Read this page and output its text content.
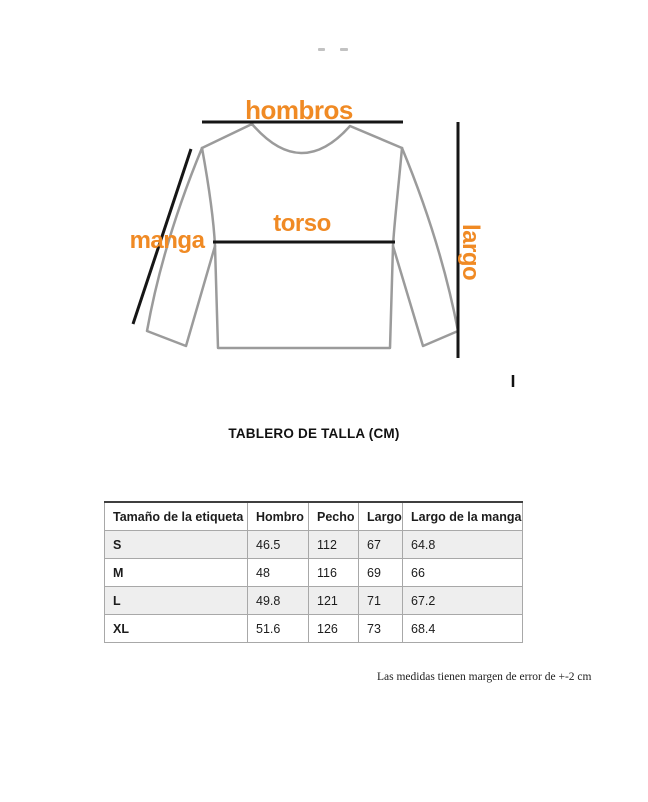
hombros
torso
manga	largo
TABLERO DE TALLA (CM)
Tamaño de la etiqueta	Hombro	Pecho	Largo	Largo de la manga
S	46.5	112	67	64.8
M	48	116	69	66
L	49.8	121	71	67.2
XL	51.6	126	73	68.4
Las medidas tienen margen de error de +-2 cm
